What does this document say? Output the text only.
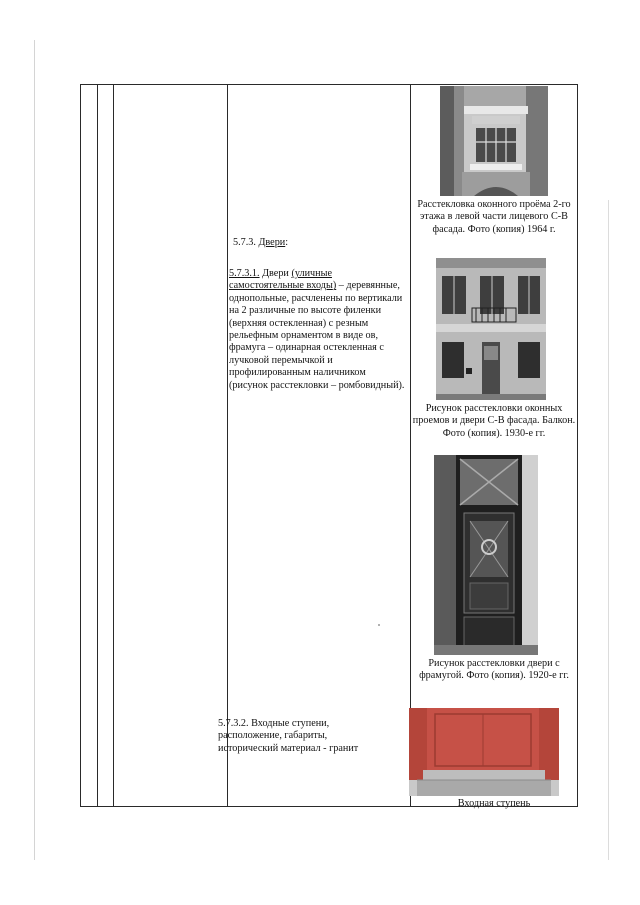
5.7.3. Двери:
5.7.3.1. Двери (уличные самостоятельные входы) – деревянные, однопольные, расчленены по вертикали на 2 различные по высоте филенки (верхняя остекленная) с резным рельефным орнаментом в виде ов, фрамуга – одинарная остекленная с лучковой перемычкой и профилированным наличником (рисунок расстекловки – ромбовидный).
5.7.3.2. Входные ступени, расположение, габариты, исторический материал - гранит
Расстекловка оконного проёма 2-го этажа в левой части лицевого С-В фасада. Фото (копия) 1964 г.
Рисунок расстекловки оконных проемов и двери С-В фасада. Балкон. Фото (копия). 1930-е гг.
Рисунок расстекловки двери с фрамугой. Фото (копия). 1920-е гг.
Входная ступень
